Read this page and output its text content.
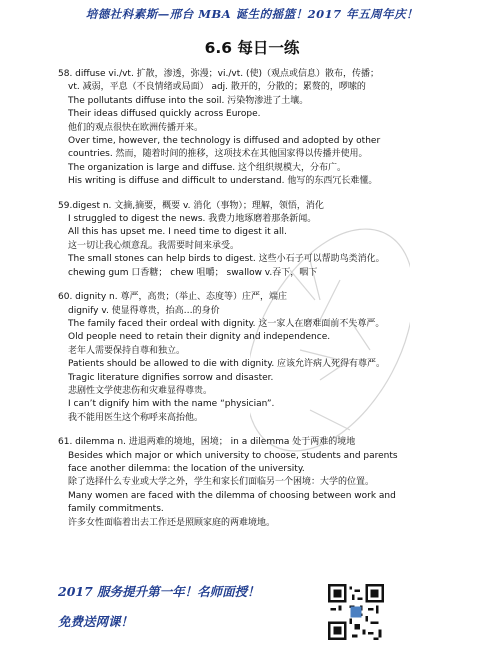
培德社科素斯—邢台 MBA 诞生的摇篮！2017 年五周年庆！
6.6 每日一练
58. diffuse vi./vt. 扩散，渗透，弥漫；vi./vt. (使)（观点或信息）散布，传播；
vt. 减弱，平息（不良情绪或局面） adj. 散开的，分散的；累赘的，啰嗦的
The pollutants diffuse into the soil. 污染物渗进了土壤。
Their ideas diffused quickly across Europe.
他们的观点很快在欧洲传播开来。
Over time, however, the technology is diffused and adopted by other
countries. 然而，随着时间的推移，这项技术在其他国家得以传播并使用。
The organization is large and diffuse. 这个组织规模大，分布广。
His writing is diffuse and difficult to understand. 他写的东西冗长难懂。
59.digest n. 文摘,摘要，概要 v. 消化（事物）；理解，领悟，消化
I struggled to digest the news. 我费力地琢磨着那条新闻。
All this has upset me. I need time to digest it all.
这一切让我心烦意乱。我需要时间来承受。
The small stones can help birds to digest. 这些小石子可以帮助鸟类消化。
chewing gum 口香糖； chew 咀嚼； swallow v.吞下，咽下
60. dignity n. 尊严，高贵；（举止、态度等）庄严，端庄
dignify v. 使显得尊贵，抬高…的身价
The family faced their ordeal with dignity. 这一家人在磨难面前不失尊严。
Old people need to retain their dignity and independence.
老年人需要保持自尊和独立。
Patients should be allowed to die with dignity. 应该允许病人死得有尊严。
Tragic literature dignifies sorrow and disaster.
悲剧性文学使悲伤和灾难显得尊贵。
I can’t dignify him with the name “physician”.
我不能用医生这个称呼来高抬他。
61. dilemma n. 进退两难的境地，困境； in a dilemma 处于两难的境地
Besides which major or which university to choose, students and parents
face another dilemma: the location of the university.
除了选择什么专业或大学之外，学生和家长们面临另一个困境：大学的位置。
Many women are faced with the dilemma of choosing between work and
family commitments.
许多女性面临着出去工作还是照顾家庭的两难境地。
2017 服务提升第一年！名师面授！
免费送网课！
